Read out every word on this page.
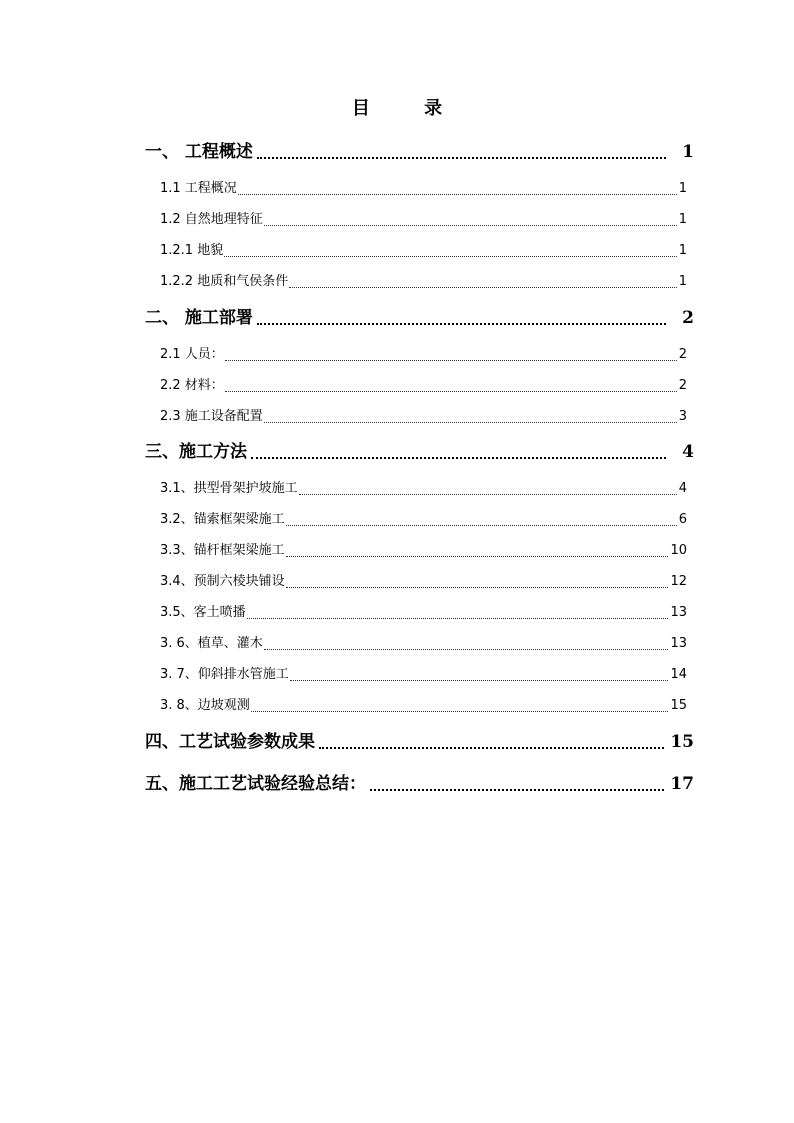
目 录
一、 工程概述	1
1.1 工程概况	1
1.2 自然地理特征	1
1.2.1 地貌	1
1.2.2 地质和气侯条件	1
二、 施工部署	2
2.1 人员：	2
2.2 材料：	2
2.3 施工设备配置	3
三、施工方法	4
3.1、拱型骨架护坡施工	4
3.2、锚索框架梁施工	6
3.3、锚杆框架梁施工	10
3.4、预制六棱块铺设	12
3.5、客土喷播	13
3. 6、植草、灌木	13
3. 7、仰斜排水管施工	14
3. 8、边坡观测	15
四、工艺试验参数成果	15
五、施工工艺试验经验总结：	17
